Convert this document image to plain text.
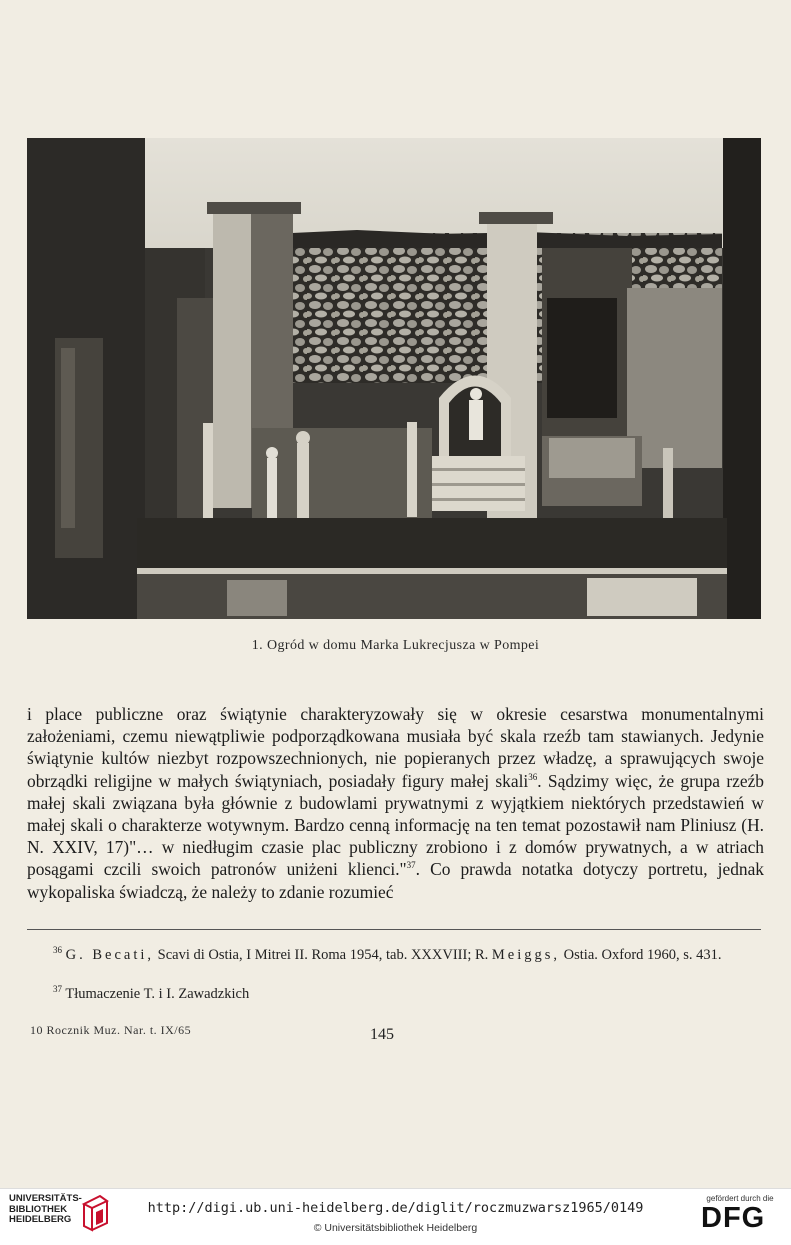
1. Ogród w domu Marka Lukrecjusza w Pompei

i place publiczne oraz świątynie charakteryzowały się w okresie cesarstwa monumentalnymi założeniami, czemu niewątpliwie podporządkowana musiała być skala rzeźb tam stawianych. Jedynie świątynie kultów niezbyt rozpowszechnionych, nie popieranych przez władzę, a sprawujących swoje obrządki religijne w małych świątyniach, posiadały figury małej skali$^{36}$. Sądzimy więc, że grupa rzeźb małej skali związana była głównie z budowlami prywatnymi z wyjątkiem niektórych przedstawień w małej skali o charakterze wotywnym. Bardzo cenną informację na ten temat pozostawił nam Pliniusz (H. N. XXIV, 17)"… w niedługim czasie plac publiczny zrobiono i z domów prywatnych, a w atriach posągami czcili swoich patronów uniżeni klienci."$^{37}$. Co prawda notatka dotyczy portretu, jednak wykopaliska świadczą, że należy to zdanie rozumieć

$^{36}$ G. Becati, Scavi di Ostia, I Mitrei II. Roma 1954, tab. XXXVIII; R. Meiggs, Ostia. Oxford 1960, s. 431.
$^{37}$ Tłumaczenie T. i I. Zawadzkich
10 Rocznik Muz. Nar. t. IX/65	145
UNIVERSITÄTS-
BIBLIOTHEK
HEIDELBERG
http://digi.ub.uni-heidelberg.de/diglit/roczmuzwarsz1965/0149
© Universitätsbibliothek Heidelberg
gefördert durch die
DFG
